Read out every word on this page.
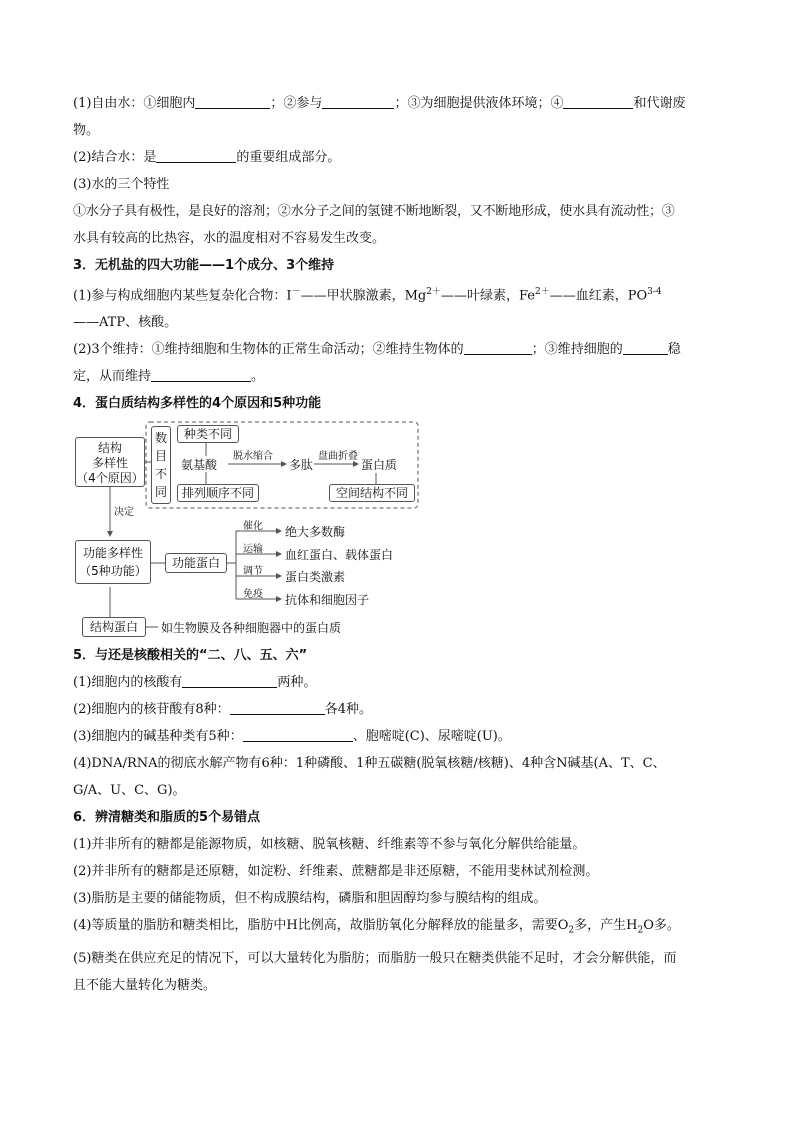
(1)自由水：①细胞内	；②参与	；③为细胞提供液体环境；④	和代谢废

物。

(2)结合水：是	的重要组成部分。

(3)水的三个特性

①水分子具有极性，是良好的溶剂；②水分子之间的氢键不断地断裂，又不断地形成，使水具有流动性；③

水具有较高的比热容，水的温度相对不容易发生改变。

3．无机盐的四大功能——1个成分、3个维持

(1)参与构成细胞内某些复杂化合物：I－——甲状腺激素，$Mg^{2+}——$叶绿素，$Fe^{2+}——$血红素，PO$^{3-4}$

——ATP、核酸。

(2)3个维持：①维持细胞和生物体的正常生命活动；②维持生物体的	；③维持细胞的	稳

定，从而维持	。

4．蛋白质结构多样性的4个原因和5种功能

结构
多样性
（4个原因）
数
目
不
同
种类不同
氨基酸
脱水缩合
多肽
盘曲折叠
蛋白质
排列顺序不同	空间结构不同
决定
功能多样性
（5种功能）
功能蛋白
催化 绝大多数酶
运输 血红蛋白、载体蛋白
调节 蛋白类激素
免疫 抗体和细胞因子
结构蛋白	如生物膜及各种细胞器中的蛋白质

5．与还是核酸相关的“二、八、五、六”

(1)细胞内的核酸有	两种。

(2)细胞内的核苷酸有8种：	各4种。

(3)细胞内的碱基种类有5种：	、胞嘧啶(C)、尿嘧啶(U)。

(4)DNA/RNA的彻底水解产物有6种：1种磷酸、1种五碳糖(脱氧核糖/核糖)、4种含N碱基(A、T、C、

G/A、U、C、G)。

6．辨清糖类和脂质的5个易错点

(1)并非所有的糖都是能源物质，如核糖、脱氧核糖、纤维素等不参与氧化分解供给能量。

(2)并非所有的糖都是还原糖，如淀粉、纤维素、蔗糖都是非还原糖，不能用斐林试剂检测。

(3)脂肪是主要的储能物质，但不构成膜结构，磷脂和胆固醇均参与膜结构的组成。

(4)等质量的脂肪和糖类相比，脂肪中H比例高，故脂肪氧化分解释放的能量多，需要$O_2$多，产生$H_2O$多。

(5)糖类在供应充足的情况下，可以大量转化为脂肪；而脂肪一般只在糖类供能不足时，才会分解供能，而

且不能大量转化为糖类。
